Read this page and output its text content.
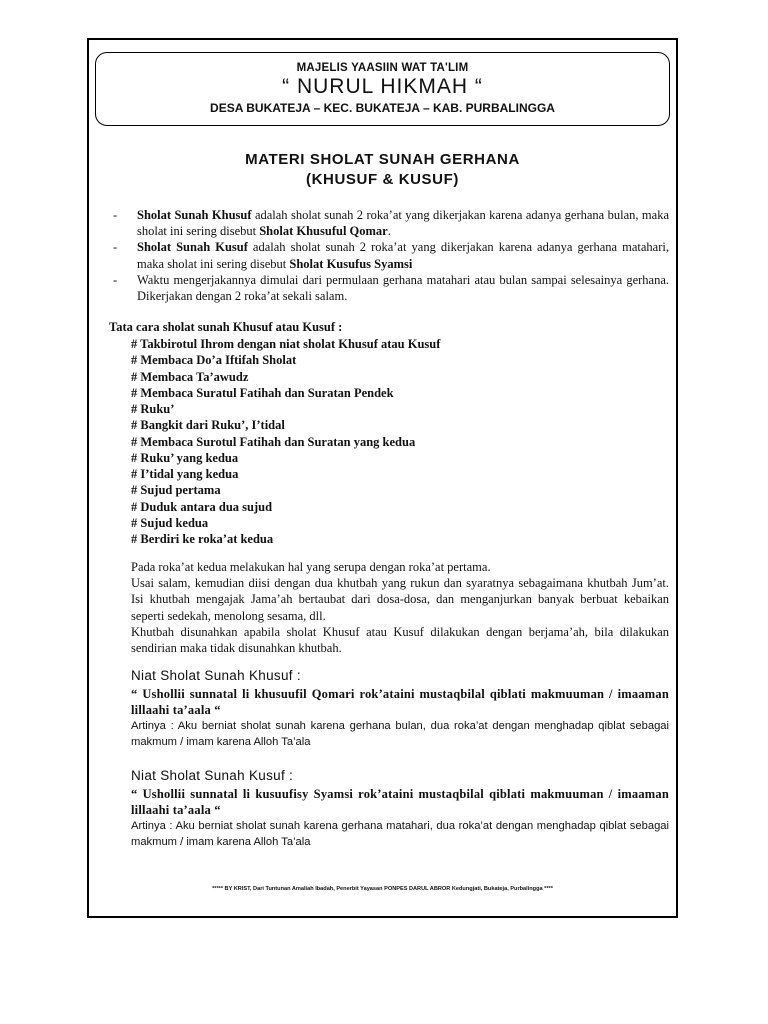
MAJELIS YAASIIN WAT TA'LIM
“ NURUL HIKMAH “
DESA BUKATEJA – KEC. BUKATEJA – KAB. PURBALINGGA
MATERI SHOLAT SUNAH GERHANA
(KHUSUF & KUSUF)
- Sholat Sunah Khusuf adalah sholat sunah 2 roka’at yang dikerjakan karena adanya gerhana bulan, maka sholat ini sering disebut Sholat Khusuful Qomar.
- Sholat Sunah Kusuf adalah sholat sunah 2 roka’at yang dikerjakan karena adanya gerhana matahari, maka sholat ini sering disebut Sholat Kusufus Syamsi
- Waktu mengerjakannya dimulai dari permulaan gerhana matahari atau bulan sampai selesainya gerhana. Dikerjakan dengan 2 roka’at sekali salam.
Tata cara sholat sunah Khusuf atau Kusuf :
# Takbirotul Ihrom dengan niat sholat Khusuf atau Kusuf
# Membaca Do’a Iftifah Sholat
# Membaca Ta’awudz
# Membaca Suratul Fatihah dan Suratan Pendek
# Ruku’
# Bangkit dari Ruku’, I’tidal
# Membaca Surotul Fatihah dan Suratan yang kedua
# Ruku’ yang kedua
# I’tidal yang kedua
# Sujud pertama
# Duduk antara dua sujud
# Sujud kedua
# Berdiri ke roka’at kedua

Pada roka’at kedua melakukan hal yang serupa dengan roka’at pertama.

Usai salam, kemudian diisi dengan dua khutbah yang rukun dan syaratnya sebagaimana khutbah Jum’at. Isi khutbah mengajak Jama’ah bertaubat dari dosa-dosa, dan menganjurkan banyak berbuat kebaikan seperti sedekah, menolong sesama, dll.

Khutbah disunahkan apabila sholat Khusuf atau Kusuf dilakukan dengan berjama’ah, bila dilakukan sendirian maka tidak disunahkan khutbah.

Niat Sholat Sunah Khusuf :
“ Ushollii sunnatal li khusuufil Qomari rok’ataini mustaqbilal qiblati makmuuman / imaaman lillaahi ta’aala “
Artinya : Aku berniat sholat sunah karena gerhana bulan, dua roka’at dengan menghadap qiblat sebagai makmum / imam karena Alloh Ta’ala
Niat Sholat Sunah Kusuf :
“ Ushollii sunnatal li kusuufisy Syamsi rok’ataini mustaqbilal qiblati makmuuman / imaaman lillaahi ta’aala “
Artinya : Aku berniat sholat sunah karena gerhana matahari, dua roka’at dengan menghadap qiblat sebagai makmum / imam karena Alloh Ta’ala
***** BY KRIST, Dari Tuntunan Amaliah Ibadah, Penerbit Yayasan PONPES DARUL ABROR Kedungjati, Bukateja, Purbalingga ****
